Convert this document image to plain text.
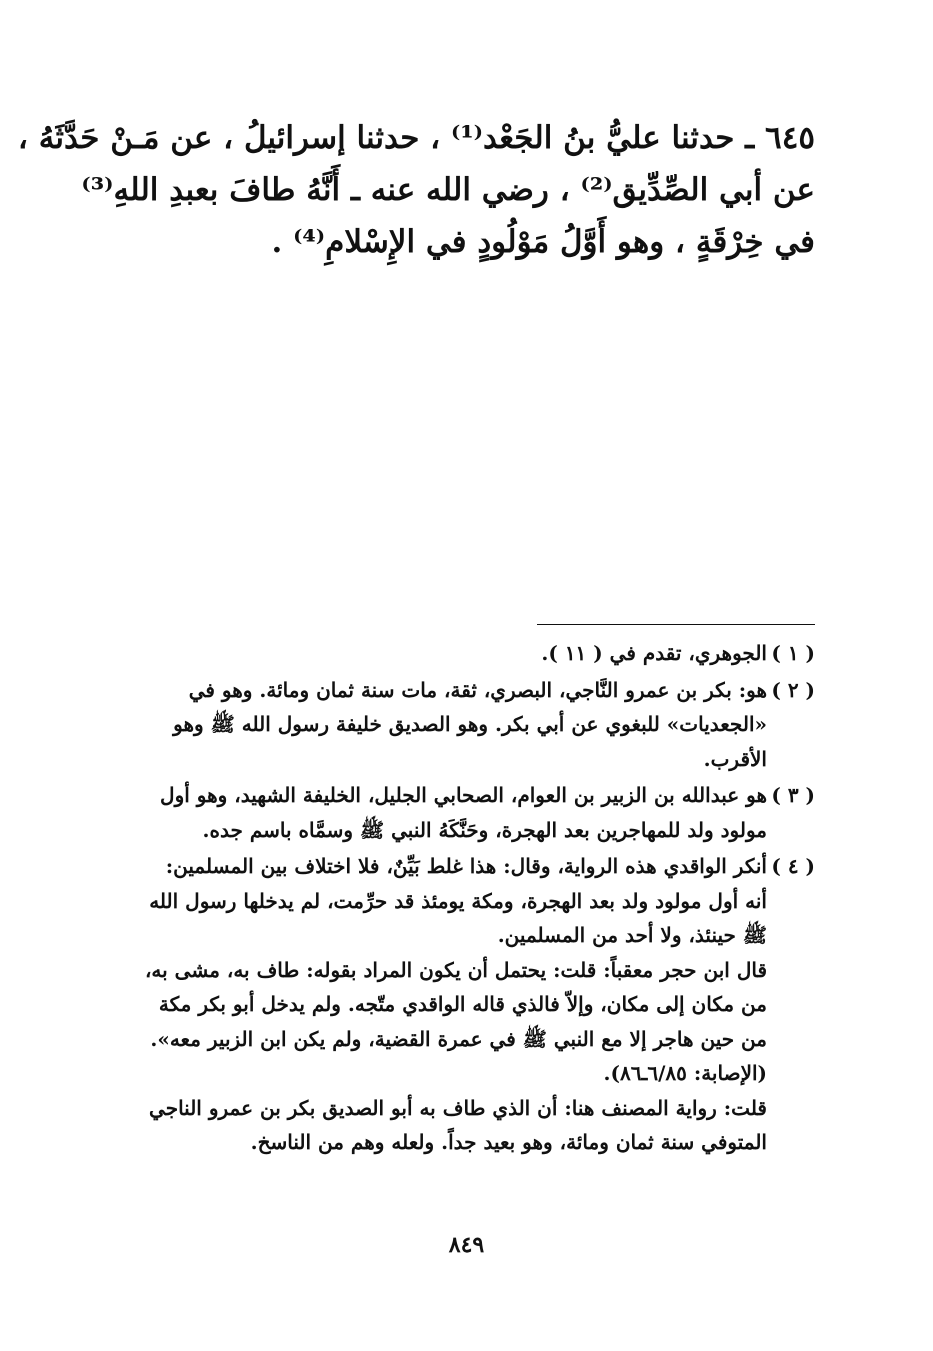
٦٤٥ ـ حدثنا عليُّ بنُ الجَعْد⁽¹⁾ ، حدثنا إسرائيلُ ، عن مَـنْ حَدَّثَهُ ،

عن أبي الصِّدِّيق⁽²⁾ ، رضي الله عنه ـ أَنَّهُ طافَ بعبدِ اللهِ⁽³⁾

في خِرْقَةٍ ، وهو أَوَّلُ مَوْلُودٍ في الإِسْلامِ⁽⁴⁾ .

( ١ )
الجوهري، تقدم في ( ١١ ).
( ٢ )
هو: بكر بن عمرو النَّاجي، البصري، ثقة، مات سنة ثمان ومائة. وهو في
«الجعديات» للبغوي عن أبي بكر. وهو الصديق خليفة رسول الله ﷺ وهو
الأقرب.
( ٣ )
هو عبدالله بن الزبير بن العوام، الصحابي الجليل، الخليفة الشهيد، وهو أول
مولود ولد للمهاجرين بعد الهجرة، وحَنَّكَهُ النبي ﷺ وسمَّاه باسم جده.
( ٤ )
أنكر الواقدي هذه الرواية، وقال: هذا غلط بَيِّنٌ، فلا اختلاف بين المسلمين:
أنه أول مولود ولد بعد الهجرة، ومكة يومئذ قد حرِّمت، لم يدخلها رسول الله
ﷺ حينئذ، ولا أحد من المسلمين.
قال ابن حجر معقباً: قلت: يحتمل أن يكون المراد بقوله: طاف به، مشى به،
من مكان إلى مكان، وإلاّ فالذي قاله الواقدي متّجه. ولم يدخل أبو بكر مكة
من حين هاجر إلا مع النبي ﷺ في عمرة القضية، ولم يكن ابن الزبير معه».
(الإصابة: ٦/٨٥ـ٨٦).
قلت: رواية المصنف هنا: أن الذي طاف به أبو الصديق بكر بن عمرو الناجي
المتوفي سنة ثمان ومائة، وهو بعيد جداً. ولعله وهم من الناسخ.
٨٤٩
